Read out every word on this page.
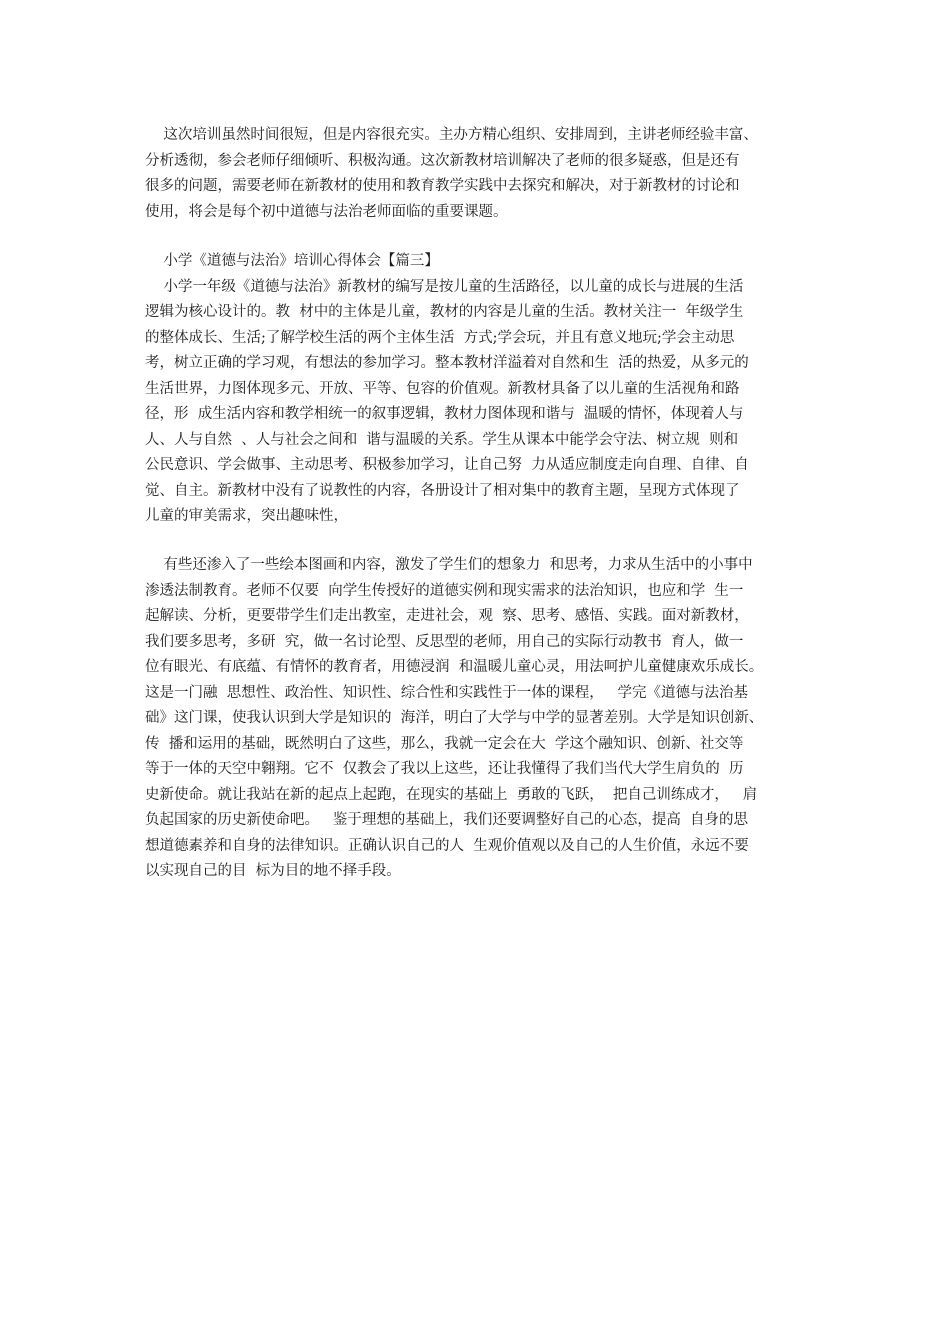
这次培训虽然时间很短，但是内容很充实。主办方精心组织、安排周到，主讲老师经验丰富、
分析透彻，参会老师仔细倾听、积极沟通。这次新教材培训解决了老师的很多疑惑，但是还有
很多的问题，需要老师在新教材的使用和教育教学实践中去探究和解决，对于新教材的讨论和
使用，将会是每个初中道德与法治老师面临的重要课题。
小学《道德与法治》培训心得体会【篇三】
小学一年级《道德与法治》新教材的编写是按儿童的生活路径，以儿童的成长与进展的生活
逻辑为核心设计的。教  材中的主体是儿童，教材的内容是儿童的生活。教材关注一  年级学生
的整体成长、生活;了解学校生活的两个主体生活  方式;学会玩，并且有意义地玩;学会主动思
考，树立正确的学习观，有想法的参加学习。整本教材洋溢着对自然和生  活的热爱，从多元的
生活世界，力图体现多元、开放、平等、包容的价值观。新教材具备了以儿童的生活视角和路
径，形  成生活内容和教学相统一的叙事逻辑，教材力图体现和谐与  温暖的情怀，体现着人与
人、人与自然  、人与社会之间和  谐与温暖的关系。学生从课本中能学会守法、树立规  则和
公民意识、学会做事、主动思考、积极参加学习，让自己努  力从适应制度走向自理、自律、自
觉、自主。新教材中没有了说教性的内容，各册设计了相对集中的教育主题，呈现方式体现了
儿童的审美需求，突出趣味性，
有些还渗入了一些绘本图画和内容，激发了学生们的想象力  和思考，力求从生活中的小事中
渗透法制教育。老师不仅要  向学生传授好的道德实例和现实需求的法治知识，也应和学  生一
起解读、分析，更要带学生们走出教室，走进社会，观  察、思考、感悟、实践。面对新教材，
我们要多思考，多研  究，做一名讨论型、反思型的老师，用自己的实际行动教书  育人，做一
位有眼光、有底蕴、有情怀的教育者，用德浸润  和温暖儿童心灵，用法呵护儿童健康欢乐成长。
这是一门融  思想性、政治性、知识性、综合性和实践性于一体的课程，   学完《道德与法治基
础》这门课，使我认识到大学是知识的  海洋，明白了大学与中学的显著差别。大学是知识创新、
传  播和运用的基础，既然明白了这些，那么，我就一定会在大  学这个融知识、创新、社交等
等于一体的天空中翱翔。它不  仅教会了我以上这些，还让我懂得了我们当代大学生肩负的  历
史新使命。就让我站在新的起点上起跑，在现实的基础上  勇敢的飞跃，  把自己训练成才，   肩
负起国家的历史新使命吧。   鉴于理想的基础上，我们还要调整好自己的心态，提高  自身的思
想道德素养和自身的法律知识。正确认识自己的人  生观价值观以及自己的人生价值，永远不要
以实现自己的目  标为目的地不择手段。
